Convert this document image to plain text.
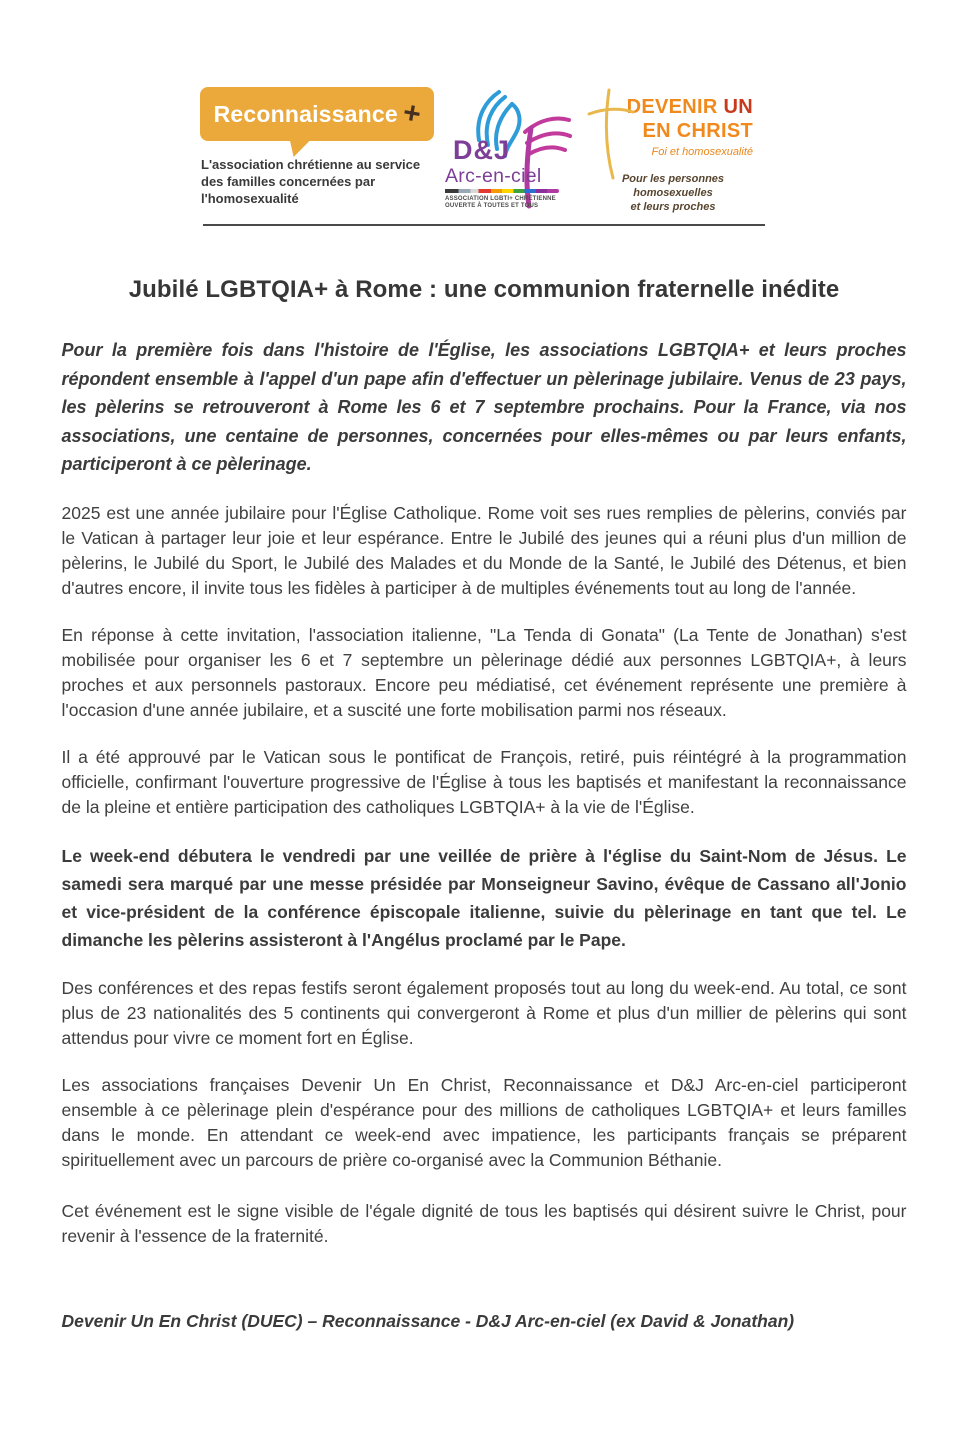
Reconnaissance +
L'association chrétienne au service
des familles concernées par l'homosexualité
D&J
Arc-en-ciel
ASSOCIATION LGBTI+ CHRÉTIENNE
OUVERTE À TOUTES ET TOUS
DEVENIR UN
EN CHRIST
Foi et homosexualité
Pour les personnes homosexuelles
et leurs proches
Jubilé LGBTQIA+ à Rome : une communion fraternelle inédite

Pour la première fois dans l'histoire de l'Église, les associations LGBTQIA+ et leurs proches répondent ensemble à l'appel d'un pape afin d'effectuer un pèlerinage jubilaire. Venus de 23 pays, les pèlerins se retrouveront à Rome les 6 et 7 septembre prochains. Pour la France, via nos associations, une centaine de personnes, concernées pour elles-mêmes ou par leurs enfants, participeront à ce pèlerinage.

2025 est une année jubilaire pour l'Église Catholique. Rome voit ses rues remplies de pèlerins, conviés par le Vatican à partager leur joie et leur espérance. Entre le Jubilé des jeunes qui a réuni plus d'un million de pèlerins, le Jubilé du Sport, le Jubilé des Malades et du Monde de la Santé, le Jubilé des Détenus, et bien d'autres encore, il invite tous les fidèles à participer à de multiples événements tout au long de l'année.

En réponse à cette invitation, l'association italienne, "La Tenda di Gonata" (La Tente de Jonathan) s'est mobilisée pour organiser les 6 et 7 septembre un pèlerinage dédié aux personnes LGBTQIA+, à leurs proches et aux personnels pastoraux. Encore peu médiatisé, cet événement représente une première à l'occasion d'une année jubilaire, et a suscité une forte mobilisation parmi nos réseaux.

Il a été approuvé par le Vatican sous le pontificat de François, retiré, puis réintégré à la programmation officielle, confirmant l'ouverture progressive de l'Église à tous les baptisés et manifestant la reconnaissance de la pleine et entière participation des catholiques LGBTQIA+ à la vie de l'Église.

Le week-end débutera le vendredi par une veillée de prière à l'église du Saint-Nom de Jésus. Le samedi sera marqué par une messe présidée par Monseigneur Savino, évêque de Cassano all'Jonio et vice-président de la conférence épiscopale italienne, suivie du pèlerinage en tant que tel. Le dimanche les pèlerins assisteront à l'Angélus proclamé par le Pape.

Des conférences et des repas festifs seront également proposés tout au long du week-end. Au total, ce sont plus de 23 nationalités des 5 continents qui convergeront à Rome et plus d'un millier de pèlerins qui sont attendus pour vivre ce moment fort en Église.

Les associations françaises Devenir Un En Christ, Reconnaissance et D&J Arc-en-ciel participeront ensemble à ce pèlerinage plein d'espérance pour des millions de catholiques LGBTQIA+ et leurs familles dans le monde. En attendant ce week-end avec impatience, les participants français se préparent spirituellement avec un parcours de prière co-organisé avec la Communion Béthanie.

Cet événement est le signe visible de l'égale dignité de tous les baptisés qui désirent suivre le Christ, pour revenir à l'essence de la fraternité.

Devenir Un En Christ (DUEC) – Reconnaissance - D&J Arc-en-ciel (ex David & Jonathan)
